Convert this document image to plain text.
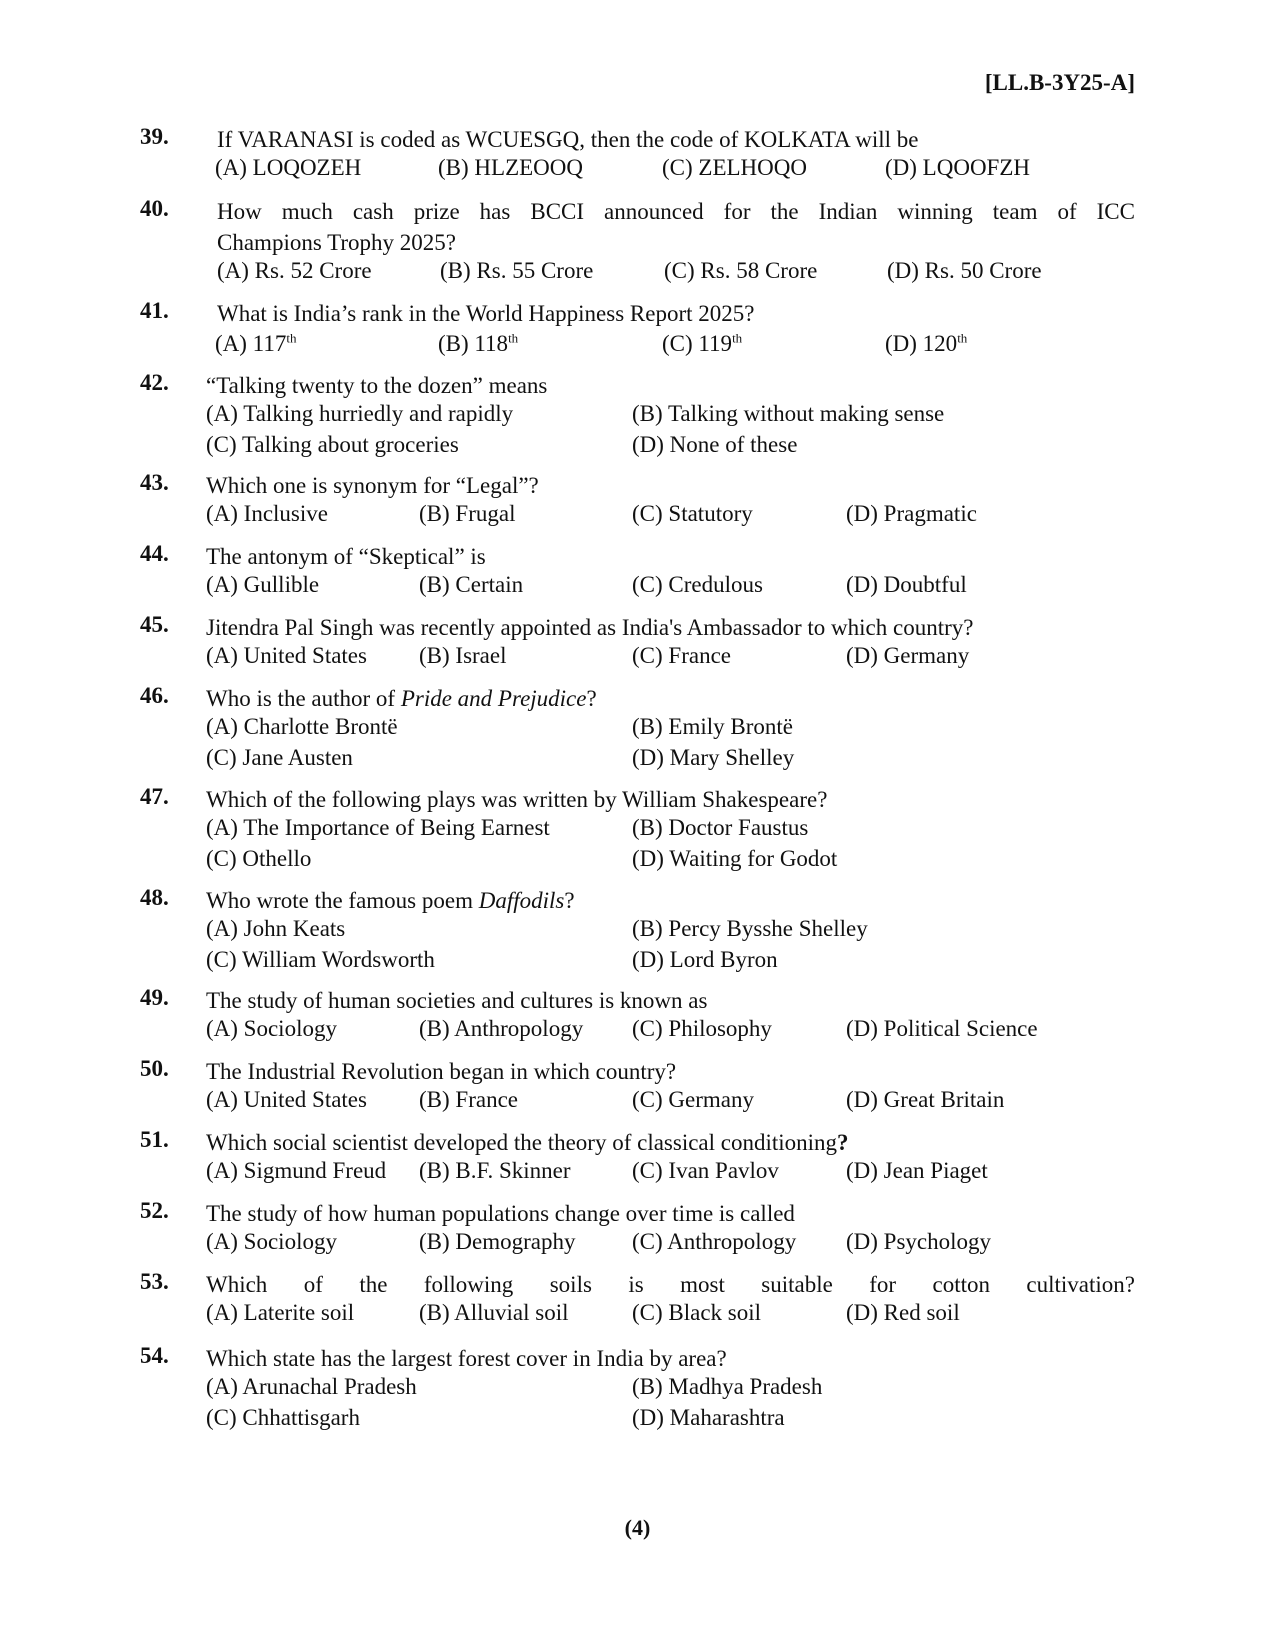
[LL.B-3Y25-A]
39.	If VARANASI is coded as WCUESGQ, then the code of KOLKATA will be
(A) LOQOZEH	(B) HLZEOOQ	(C) ZELHOQO	(D) LQOOFZH
40.	How much cash prize has BCCI announced for the Indian winning team of ICC
Champions Trophy 2025?
(A) Rs. 52 Crore	(B) Rs. 55 Crore	(C) Rs. 58 Crore	(D) Rs. 50 Crore
41.	What is India’s rank in the World Happiness Report 2025?
(A) 117th	(B) 118th	(C) 119th	(D) 120th
42.	“Talking twenty to the dozen” means
(A) Talking hurriedly and rapidly	(B) Talking without making sense
(C) Talking about groceries	(D) None of these
43.	Which one is synonym for “Legal”?
(A) Inclusive	(B) Frugal	(C) Statutory	(D) Pragmatic
44.	The antonym of “Skeptical” is
(A) Gullible	(B) Certain	(C) Credulous	(D) Doubtful
45.	Jitendra Pal Singh was recently appointed as India's Ambassador to which country?
(A) United States (B) Israel	(C) France	(D) Germany
46.	Who is the author of Pride and Prejudice?
(A) Charlotte Brontë	(B) Emily Brontë
(C) Jane Austen	(D) Mary Shelley
47.	Which of the following plays was written by William Shakespeare?
(A) The Importance of Being Earnest	(B) Doctor Faustus
(C) Othello	(D) Waiting for Godot
48.	Who wrote the famous poem Daffodils?
(A) John Keats	(B) Percy Bysshe Shelley
(C) William Wordsworth	(D) Lord Byron
49.	The study of human societies and cultures is known as
(A) Sociology	(B) Anthropology (C) Philosophy	(D) Political Science
50.	The Industrial Revolution began in which country?
(A) United States (B) France	(C) Germany	(D) Great Britain
51.	Which social scientist developed the theory of classical conditioning?
(A) Sigmund Freud (B) B.F. Skinner	(C) Ivan Pavlov	(D) Jean Piaget
52.	The study of how human populations change over time is called
(A) Sociology	(B) Demography (C) Anthropology (D) Psychology
53.	Which of the following soils is most suitable for cotton cultivation?
(A) Laterite soil	(B) Alluvial soil	(C) Black soil	(D) Red soil
54.	Which state has the largest forest cover in India by area?
(A) Arunachal Pradesh	(B) Madhya Pradesh
(C) Chhattisgarh	(D) Maharashtra
(4)
